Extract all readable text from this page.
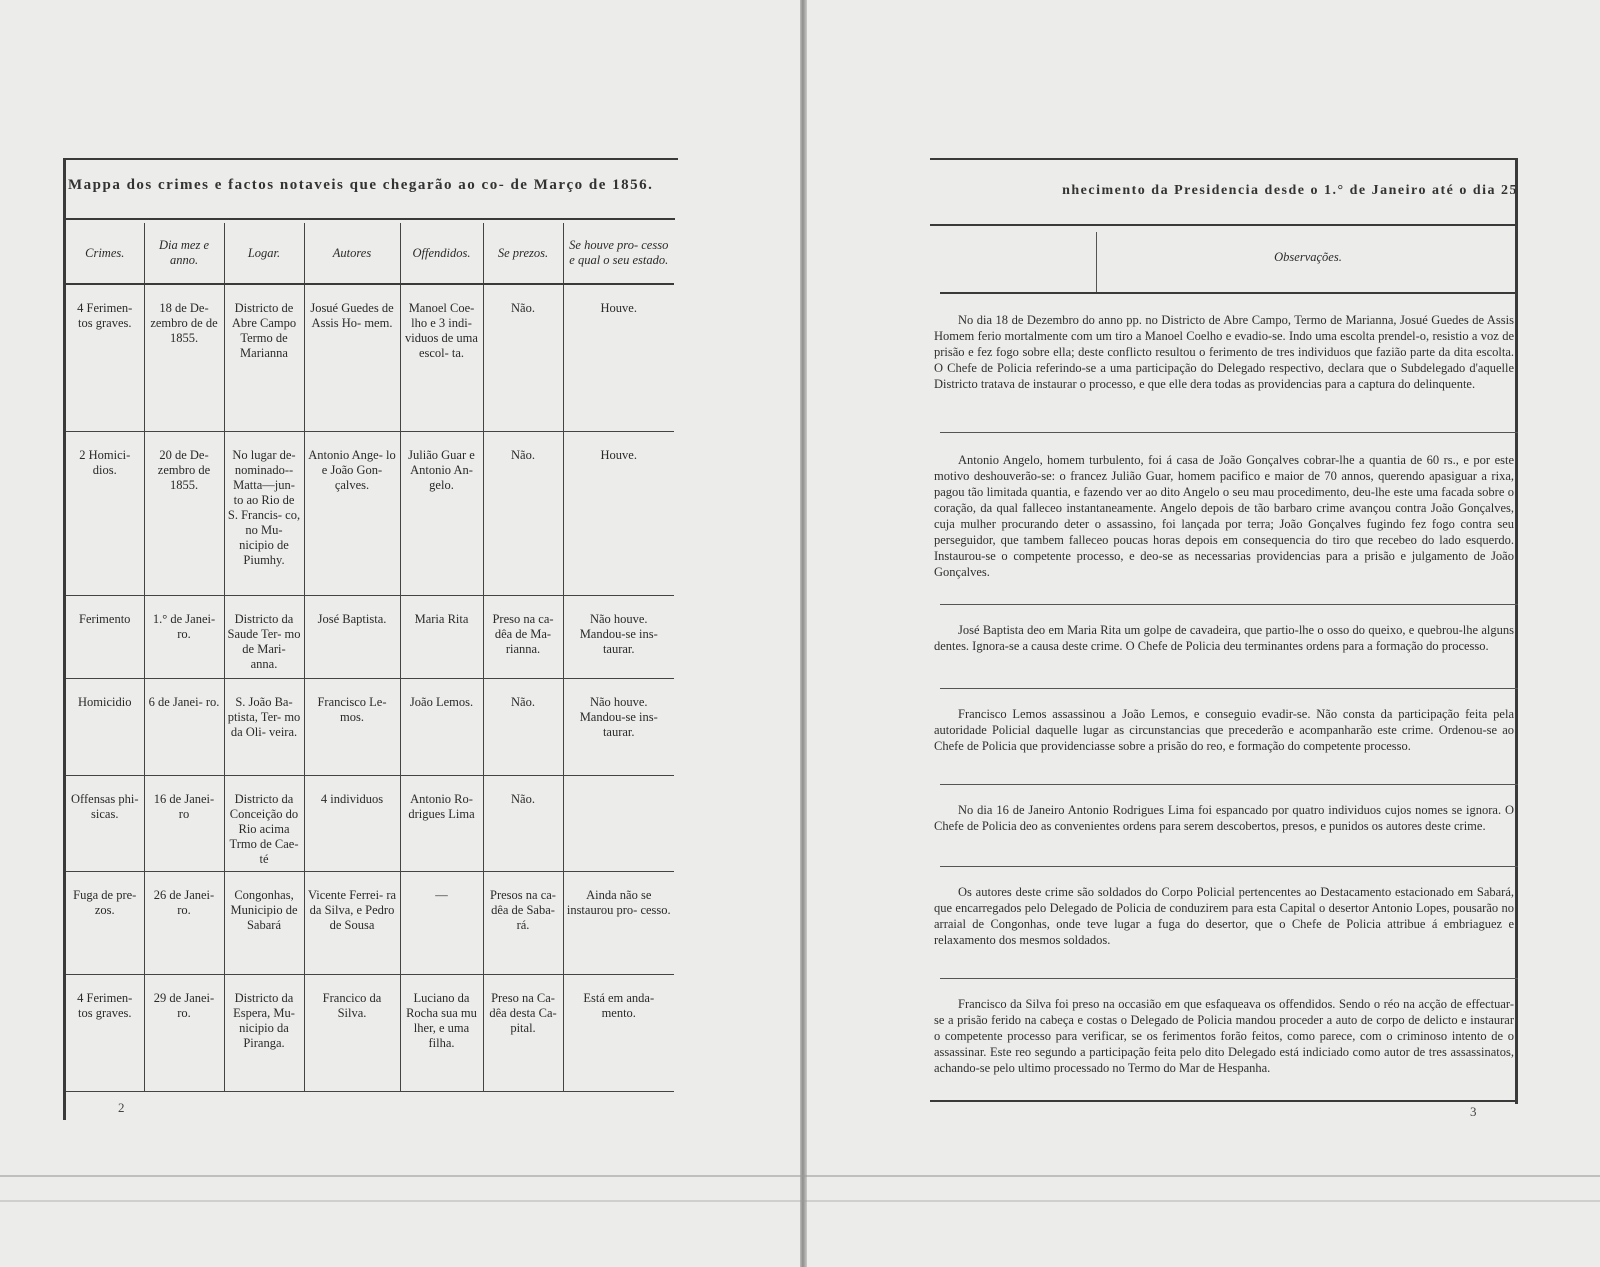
Mappa dos crimes e factos notaveis que chegarão ao co- de Março de 1856.
Crimes.	Dia mez e anno.	Logar.	Autores	Offendidos.	Se prezos.	Se houve pro- cesso e qual o seu estado.
4 Ferimen- tos graves.	18 de De- zembro de de 1855.	Districto de Abre Campo Termo de Marianna	Josué Guedes de Assis Ho- mem.	Manoel Coe- lho e 3 indi- viduos de uma escol- ta.	Não.	Houve.
2 Homici- dios.	20 de De- zembro de 1855.	No lugar de- nominado-- Matta—jun- to ao Rio de S. Francis- co, no Mu- nicipio de Piumhy.	Antonio Ange- lo e João Gon- çalves.	Julião Guar e Antonio An- gelo.	Não.	Houve.
Ferimento	1.° de Janei- ro.	Districto da Saude Ter- mo de Mari- anna.	José Baptista.	Maria Rita	Preso na ca- dêa de Ma- rianna.	Não houve. Mandou-se ins- taurar.
Homicidio	6 de Janei- ro.	S. João Ba- ptista, Ter- mo da Oli- veira.	Francisco Le- mos.	João Lemos.	Não.	Não houve. Mandou-se ins- taurar.
Offensas phi- sicas.	16 de Janei- ro	Districto da Conceição do Rio acima Trmo de Cae- té	4 individuos	Antonio Ro- drigues Lima	Não.	
Fuga de pre- zos.	26 de Janei- ro.	Congonhas, Municipio de Sabará	Vicente Ferrei- ra da Silva, e Pedro de Sousa	—	Presos na ca- dêa de Saba- rá.	Ainda não se instaurou pro- cesso.
4 Ferimen- tos graves.	29 de Janei- ro.	Districto da Espera, Mu- nicipio da Piranga.	Francico da Silva.	Luciano da Rocha sua mu lher, e uma filha.	Preso na Ca- dêa desta Ca- pital.	Está em anda- mento.
2
nhecimento da Presidencia desde o 1.° de Janeiro até o dia 25
Observações.

No dia 18 de Dezembro do anno pp. no Districto de Abre Campo, Termo de Marianna, Josué Guedes de Assis Homem ferio mortalmente com um tiro a Manoel Coelho e evadio-se. Indo uma escolta prendel-o, resistio a voz de prisão e fez fogo sobre ella; deste conflicto resultou o ferimento de tres individuos que fazião parte da dita escolta. O Chefe de Policia referindo-se a uma participação do Delegado respectivo, declara que o Subdelegado d'aquelle Districto tratava de instaurar o processo, e que elle dera todas as providencias para a captura do delinquente.

Antonio Angelo, homem turbulento, foi á casa de João Gonçalves cobrar-lhe a quantia de 60 rs., e por este motivo deshouverão-se: o francez Julião Guar, homem pacifico e maior de 70 annos, querendo apasiguar a rixa, pagou tão limitada quantia, e fazendo ver ao dito Angelo o seu mau procedimento, deu-lhe este uma facada sobre o coração, da qual falleceo instantaneamente. Angelo depois de tão barbaro crime avançou contra João Gonçalves, cuja mulher procurando deter o assassino, foi lançada por terra; João Gonçalves fugindo fez fogo contra seu perseguidor, que tambem falleceo poucas horas depois em consequencia do tiro que recebeo do lado esquerdo. Instaurou-se o competente processo, e deo-se as necessarias providencias para a prisão e julgamento de João Gonçalves.

José Baptista deo em Maria Rita um golpe de cavadeira, que partio-lhe o osso do queixo, e quebrou-lhe alguns dentes. Ignora-se a causa deste crime. O Chefe de Policia deu terminantes ordens para a formação do processo.

Francisco Lemos assassinou a João Lemos, e conseguio evadir-se. Não consta da participação feita pela autoridade Policial daquelle lugar as circunstancias que precederão e acompanharão este crime. Ordenou-se ao Chefe de Policia que providenciasse sobre a prisão do reo, e formação do competente processo.

No dia 16 de Janeiro Antonio Rodrigues Lima foi espancado por quatro individuos cujos nomes se ignora. O Chefe de Policia deo as convenientes ordens para serem descobertos, presos, e punidos os autores deste crime.

Os autores deste crime são soldados do Corpo Policial pertencentes ao Destacamento estacionado em Sabará, que encarregados pelo Delegado de Policia de conduzirem para esta Capital o desertor Antonio Lopes, pousarão no arraial de Congonhas, onde teve lugar a fuga do desertor, que o Chefe de Policia attribue á embriaguez e relaxamento dos mesmos soldados.

Francisco da Silva foi preso na occasião em que esfaqueava os offendidos. Sendo o réo na acção de effectuar-se a prisão ferido na cabeça e costas o Delegado de Policia mandou proceder a auto de corpo de delicto e instaurar o competente processo para verificar, se os ferimentos forão feitos, como parece, com o criminoso intento de o assassinar. Este reo segundo a participação feita pelo dito Delegado está indiciado como autor de tres assassinatos, achando-se pelo ultimo processado no Termo do Mar de Hespanha.

3
